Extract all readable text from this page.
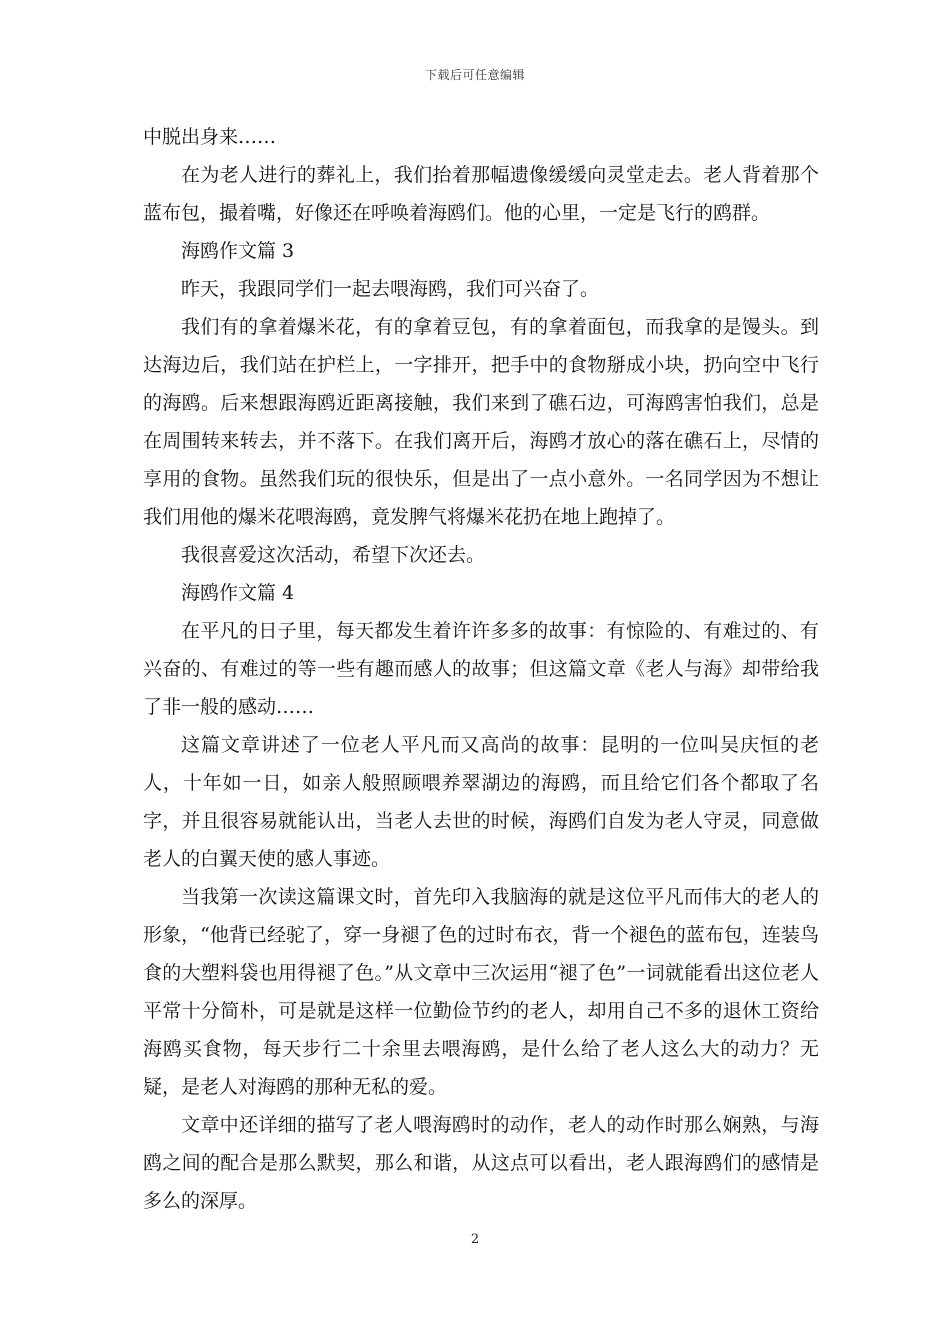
下载后可任意编辑

中脱出身来……

在为老人进行的葬礼上，我们抬着那幅遗像缓缓向灵堂走去。老人背着那个蓝布包，撮着嘴，好像还在呼唤着海鸥们。他的心里，一定是飞行的鸥群。

海鸥作文篇 3

昨天，我跟同学们一起去喂海鸥，我们可兴奋了。

我们有的拿着爆米花，有的拿着豆包，有的拿着面包，而我拿的是馒头。到达海边后，我们站在护栏上，一字排开，把手中的食物掰成小块，扔向空中飞行的海鸥。后来想跟海鸥近距离接触，我们来到了礁石边，可海鸥害怕我们，总是在周围转来转去，并不落下。在我们离开后，海鸥才放心的落在礁石上，尽情的享用的食物。虽然我们玩的很快乐，但是出了一点小意外。一名同学因为不想让我们用他的爆米花喂海鸥，竟发脾气将爆米花扔在地上跑掉了。

我很喜爱这次活动，希望下次还去。

海鸥作文篇 4

在平凡的日子里，每天都发生着许许多多的故事：有惊险的、有难过的、有兴奋的、有难过的等一些有趣而感人的故事；但这篇文章《老人与海》却带给我了非一般的感动……

这篇文章讲述了一位老人平凡而又高尚的故事：昆明的一位叫吴庆恒的老人，十年如一日，如亲人般照顾喂养翠湖边的海鸥，而且给它们各个都取了名字，并且很容易就能认出，当老人去世的时候，海鸥们自发为老人守灵，同意做老人的白翼天使的感人事迹。

当我第一次读这篇课文时，首先印入我脑海的就是这位平凡而伟大的老人的形象，“他背已经驼了，穿一身褪了色的过时布衣，背一个褪色的蓝布包，连装鸟食的大塑料袋也用得褪了色。”从文章中三次运用“褪了色”一词就能看出这位老人平常十分简朴，可是就是这样一位勤俭节约的老人，却用自己不多的退休工资给海鸥买食物，每天步行二十余里去喂海鸥，是什么给了老人这么大的动力？无疑，是老人对海鸥的那种无私的爱。

文章中还详细的描写了老人喂海鸥时的动作，老人的动作时那么娴熟，与海鸥之间的配合是那么默契，那么和谐，从这点可以看出，老人跟海鸥们的感情是多么的深厚。

2
